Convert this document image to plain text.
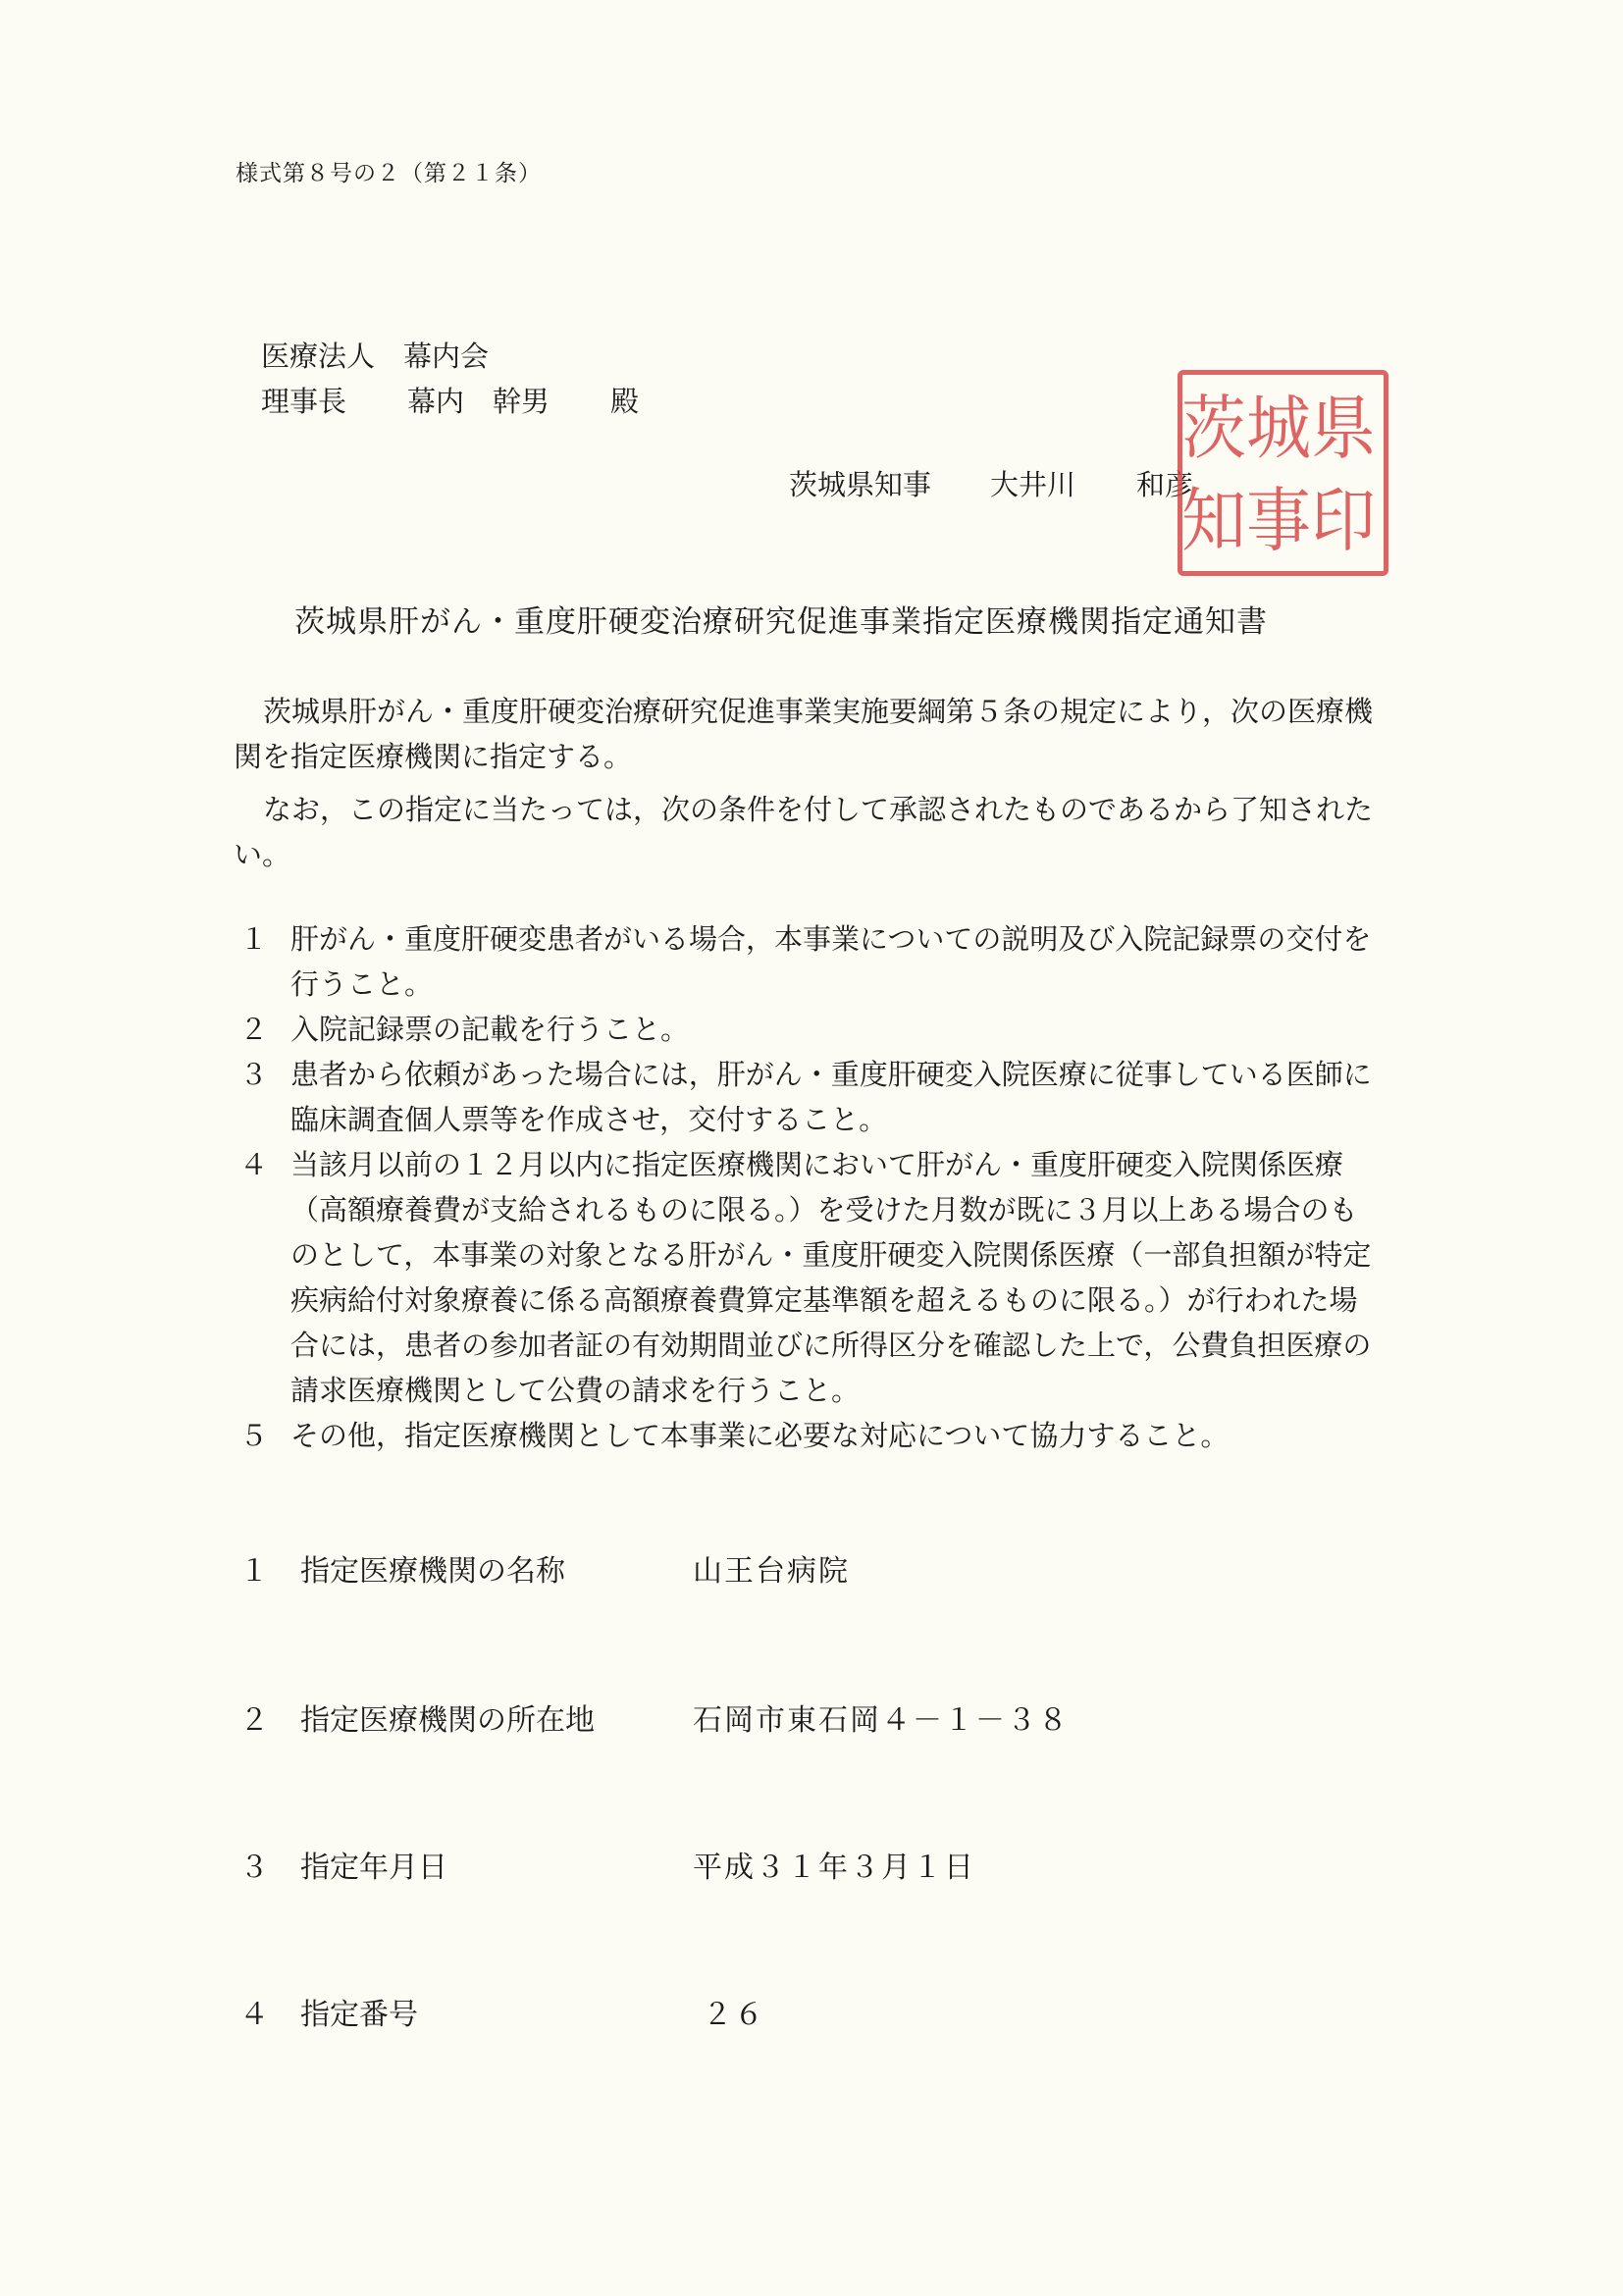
様式第８号の２（第２１条）
医療法人　幕内会
理事長 幕内　幹男 殿
茨城県知事 大井川 和彦
県
印
城
事
茨
知
茨城県肝がん・重度肝硬変治療研究促進事業指定医療機関指定通知書
茨城県肝がん・重度肝硬変治療研究促進事業実施要綱第５条の規定により，次の医療機関を指定医療機関に指定する。
なお，この指定に当たっては，次の条件を付して承認されたものであるから了知されたい。
１ 肝がん・重度肝硬変患者がいる場合，本事業についての説明及び入院記録票の交付を行うこと。
２ 入院記録票の記載を行うこと。
３ 患者から依頼があった場合には，肝がん・重度肝硬変入院医療に従事している医師に臨床調査個人票等を作成させ，交付すること。
４ 当該月以前の１２月以内に指定医療機関において肝がん・重度肝硬変入院関係医療（高額療養費が支給されるものに限る。）を受けた月数が既に３月以上ある場合のものとして，本事業の対象となる肝がん・重度肝硬変入院関係医療（一部負担額が特定疾病給付対象療養に係る高額療養費算定基準額を超えるものに限る。）が行われた場合には，患者の参加者証の有効期間並びに所得区分を確認した上で，公費負担医療の請求医療機関として公費の請求を行うこと。
５ その他，指定医療機関として本事業に必要な対応について協力すること。
１	指定医療機関の名称	山王台病院
２	指定医療機関の所在地	石岡市東石岡４－１－３８
３	指定年月日	平成３１年３月１日
４	指定番号	２６
